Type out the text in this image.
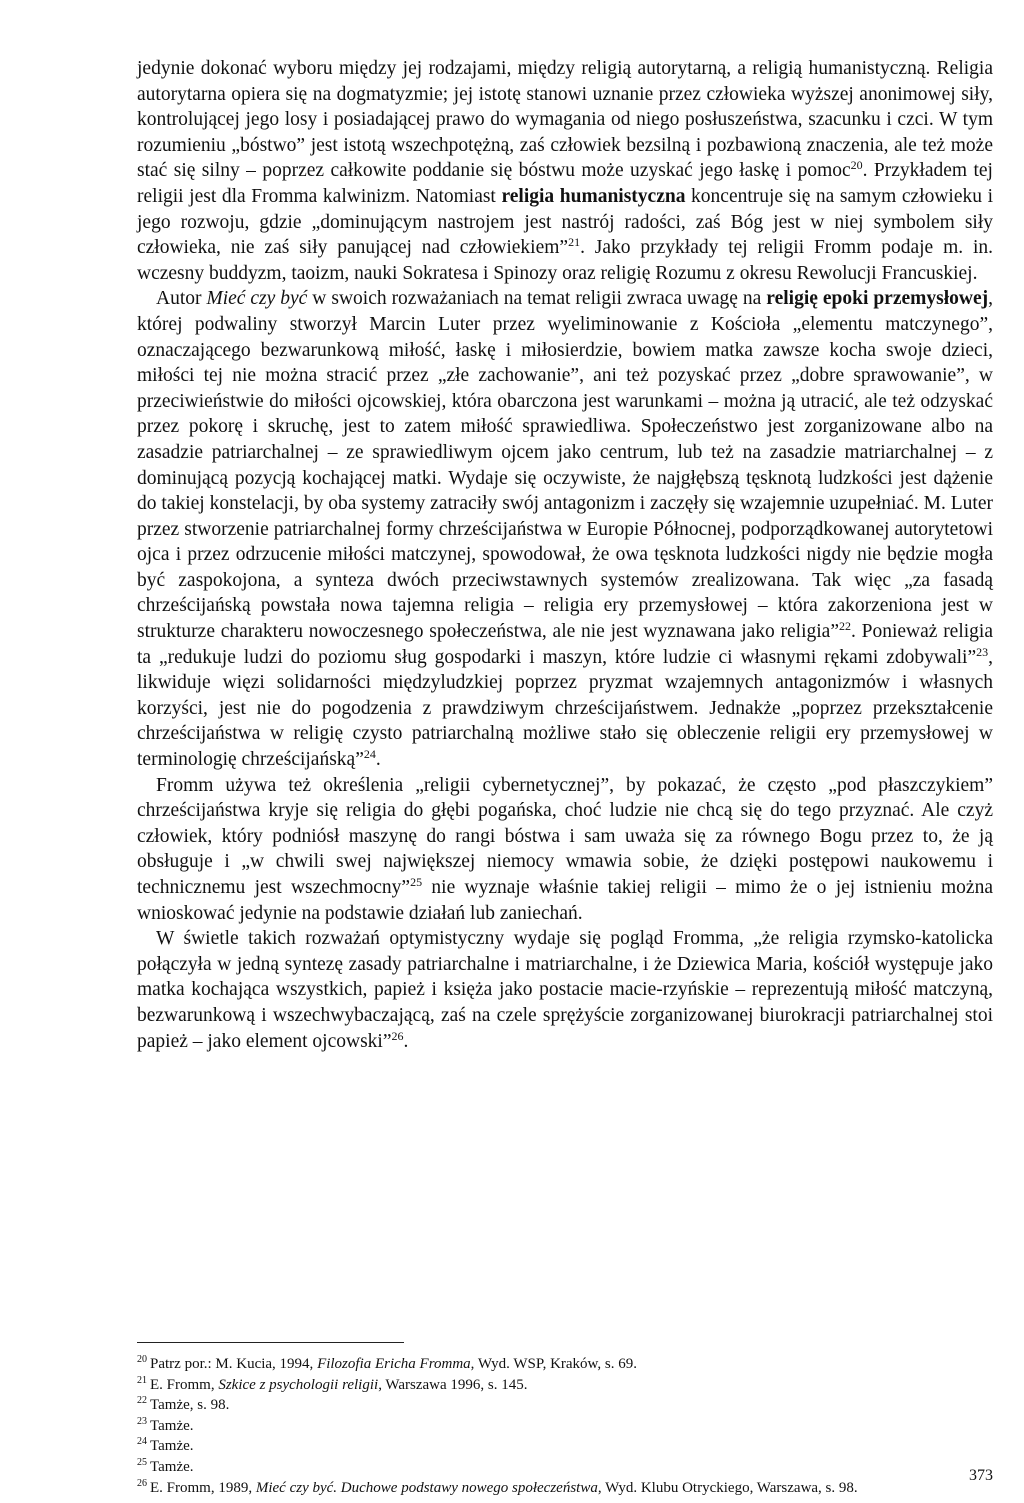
jedynie dokonać wyboru między jej rodzajami, między religią autorytarną, a religią humanistyczną. Religia autorytarna opiera się na dogmatyzmie; jej istotę stanowi uznanie przez człowieka wyższej anonimowej siły, kontrolującej jego losy i posiadającej prawo do wymagania od niego posłuszeństwa, szacunku i czci. W tym rozumieniu „bóstwo” jest istotą wszechpotężną, zaś człowiek bezsilną i pozbawioną znaczenia, ale też może stać się silny – poprzez całkowite poddanie się bóstwu może uzyskać jego łaskę i pomoc$^{20}$. Przykładem tej religii jest dla Fromma kalwinizm. Natomiast religia humanistyczna koncentruje się na samym człowieku i jego rozwoju, gdzie „dominującym nastrojem jest nastrój radości, zaś Bóg jest w niej symbolem siły człowieka, nie zaś siły panującej nad człowiekiem”$^{21}$. Jako przykłady tej religii Fromm podaje m. in. wczesny buddyzm, taoizm, nauki Sokratesa i Spinozy oraz religię Rozumu z okresu Rewolucji Francuskiej.

Autor Mieć czy być w swoich rozważaniach na temat religii zwraca uwagę na religię epoki przemysłowej, której podwaliny stworzył Marcin Luter przez wyeliminowanie z Kościoła „elementu matczynego”, oznaczającego bezwarunkową miłość, łaskę i miłosierdzie, bowiem matka zawsze kocha swoje dzieci, miłości tej nie można stracić przez „złe zachowanie”, ani też pozyskać przez „dobre sprawowanie”, w przeciwieństwie do miłości ojcowskiej, która obarczona jest warunkami – można ją utracić, ale też odzyskać przez pokorę i skruchę, jest to zatem miłość sprawiedliwa. Społeczeństwo jest zorganizowane albo na zasadzie patriarchalnej – ze sprawiedliwym ojcem jako centrum, lub też na zasadzie matriarchalnej – z dominującą pozycją kochającej matki. Wydaje się oczywiste, że najgłębszą tęsknotą ludzkości jest dążenie do takiej konstelacji, by oba systemy zatraciły swój antagonizm i zaczęły się wzajemnie uzupełniać. M. Luter przez stworzenie patriarchalnej formy chrześcijaństwa w Europie Północnej, podporządkowanej autorytetowi ojca i przez odrzucenie miłości matczynej, spowodował, że owa tęsknota ludzkości nigdy nie będzie mogła być zaspokojona, a synteza dwóch przeciwstawnych systemów zrealizowana. Tak więc „za fasadą chrześcijańską powstała nowa tajemna religia – religia ery przemysłowej – która zakorzeniona jest w strukturze charakteru nowoczesnego społeczeństwa, ale nie jest wyznawana jako religia”$^{22}$. Ponieważ religia ta „redukuje ludzi do poziomu sług gospodarki i maszyn, które ludzie ci własnymi rękami zdobywali”$^{23}$, likwiduje więzi solidarności międzyludzkiej poprzez pryzmat wzajemnych antagonizmów i własnych korzyści, jest nie do pogodzenia z prawdziwym chrześcijaństwem. Jednakże „poprzez przekształcenie chrześcijaństwa w religię czysto patriarchalną możliwe stało się obleczenie religii ery przemysłowej w terminologię chrześcijańską”$^{24}$.

Fromm używa też określenia „religii cybernetycznej”, by pokazać, że często „pod płaszczykiem” chrześcijaństwa kryje się religia do głębi pogańska, choć ludzie nie chcą się do tego przyznać. Ale czyż człowiek, który podniósł maszynę do rangi bóstwa i sam uważa się za równego Bogu przez to, że ją obsługuje i „w chwili swej największej niemocy wmawia sobie, że dzięki postępowi naukowemu i technicznemu jest wszechmocny”$^{25}$ nie wyznaje właśnie takiej religii – mimo że o jej istnieniu można wnioskować jedynie na podstawie działań lub zaniechań.

W świetle takich rozważań optymistyczny wydaje się pogląd Fromma, „że religia rzymsko-katolicka połączyła w jedną syntezę zasady patriarchalne i matriarchalne, i że Dziewica Maria, kościół występuje jako matka kochająca wszystkich, papież i księża jako postacie macie-rzyńskie – reprezentują miłość matczyną, bezwarunkową i wszechwybaczającą, zaś na czele sprężyście zorganizowanej biurokracji patriarchalnej stoi papież – jako element ojcowski”$^{26}$.

$^{20}$ Patrz por.: M. Kucia, 1994, Filozofia Ericha Fromma, Wyd. WSP, Kraków, s. 69.
$^{21}$ E. Fromm, Szkice z psychologii religii, Warszawa 1996, s. 145.
$^{22}$ Tamże, s. 98.
$^{23}$ Tamże.
$^{24}$ Tamże.
$^{25}$ Tamże.
$^{26}$ E. Fromm, 1989, Mieć czy być. Duchowe podstawy nowego społeczeństwa, Wyd. Klubu Otryckiego, Warszawa, s. 98.
373
